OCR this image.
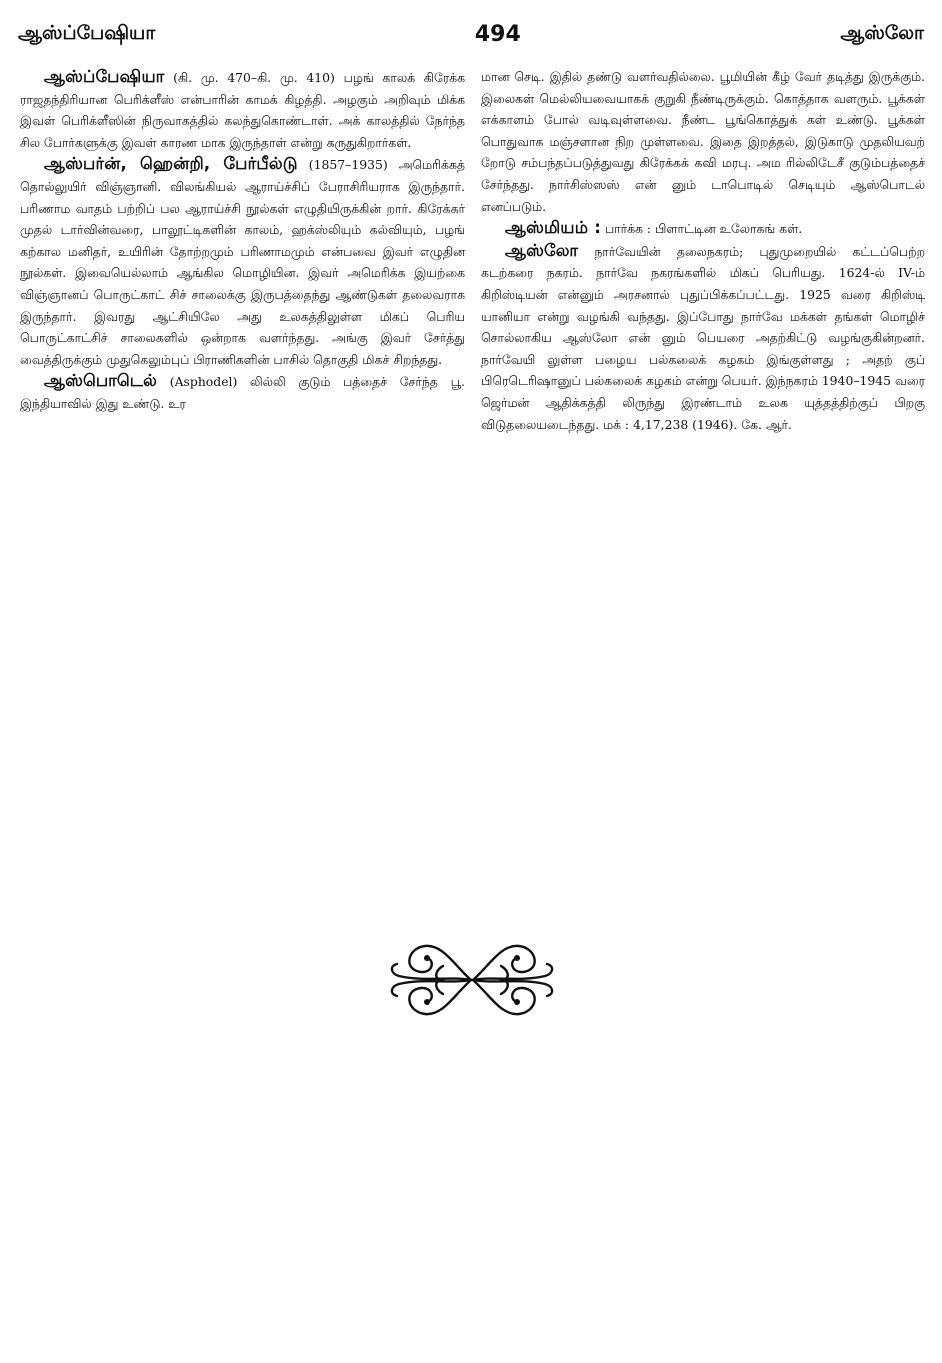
ஆஸ்ப்பேஷியா	494	ஆஸ்லோ

ஆஸ்ப்பேஷியா (கி. மு. 470–கி. மு. 410) பழங் காலக் கிரேக்க ராஜதந்திரியான பெரிக்ளீஸ் என்பாரின் காமக் கிழத்தி. அழகும் அறிவும் மிக்க இவள் பெரிக்ளீஸின் நிருவாகத்தில் கலந்துகொண்டாள். அக் காலத்தில் நேர்ந்த சில போர்களுக்கு இவள் காரண மாக இருந்தாள் என்று கருதுகிறார்கள்.

ஆஸ்பர்ன், ஹென்றி, பேர்பீல்டு (1857–1935) அமெரிக்கத் தொல்லுயிர் விஞ்ஞானி. விலங்கியல் ஆராய்ச்சிப் பேராசிரியராக இருந்தார். பரிணாம வாதம் பற்றிப் பல ஆராய்ச்சி நூல்கள் எழுதியிருக்கின் றார். கிரேக்கர் முதல் டார்வின்வரை, பாலூட்டிகளின் காலம், ஹக்ஸ்லியும் கல்வியும், பழங் கற்கால மனிதர், உயிரின் தோற்றமும் பரிணாமமும் என்பவை இவர் எழுதின நூல்கள். இவையெல்லாம் ஆங்கில மொழியின. இவர் அமெரிக்க இயற்கை விஞ்ஞானப் பொருட்காட் சிச் சாலைக்கு இருபத்தைந்து ஆண்டுகள் தலைவராக இருந்தார். இவரது ஆட்சியிலே அது உலகத்திலுள்ள மிகப் பெரிய பொருட்காட்சிச் சாலைகளில் ஒன்றாக வளர்ந்தது. அங்கு இவர் சேர்த்து வைத்திருக்கும் முதுகெலும்புப் பிராணிகளின் பாசில் தொகுதி மிகச் சிறந்தது.

ஆஸ்பொடெல் (Asphodel) லில்லி குடும் பத்தைச் சேர்ந்த பூ. இந்தியாவில் இது உண்டு. உர

மான செடி. இதில் தண்டு வளர்வதில்லை. பூமியின் கீழ் வேர் தடித்து இருக்கும். இலைகள் மெல்லியவையாகக் குறுகி நீண்டிருக்கும். கொத்தாக வளரும். பூக்கள் எக்காளம் போல் வடிவுள்ளவை. நீண்ட பூங்கொத்துக் கள் உண்டு. பூக்கள் பொதுவாக மஞ்சளான நிற முள்ளவை. இதை இறத்தல், இடுகாடு முதலியவற் றோடு சம்பந்தப்படுத்துவது கிரேக்கக் கவி மரபு. அம ரில்லிடேசீ குடும்பத்தைச் சேர்ந்தது. நார்சிஸ்ஸஸ் என் னும் டாபொடில் செடியும் ஆஸ்பொடல் எனப்படும்.

ஆஸ்மியம் : பார்க்க : பிளாட்டின உலோகங் கள்.

ஆஸ்லோ நார்வேயின் தலைநகரம்; புதுமுறையில் கட்டப்பெற்ற கடற்கரை நகரம். நார்வே நகரங்களில் மிகப் பெரியது. 1624-ல் IV-ம் கிறிஸ்டியன் என்னும் அரசனால் புதுப்பிக்கப்பட்டது. 1925 வரை கிறிஸ்டி யானியா என்று வழங்கி வந்தது. இப்போது நார்வே மக்கள் தங்கள் மொழிச் சொல்லாகிய ஆஸ்லோ என் னும் பெயரை அதற்கிட்டு வழங்குகின்றனர். நார்வேயி லுள்ள பழைய பல்கலைக் கழகம் இங்குள்ளது ; அதற் குப் பிரெடெரிஷானுப் பல்கலைக் கழகம் என்று பெயர். இந்நகரம் 1940–1945 வரை ஜெர்மன் ஆதிக்கத்தி லிருந்து இரண்டாம் உலக யுத்தத்திற்குப் பிறகு விடுதலையடைந்தது. மக் : 4,17,238 (1946). கே. ஆர்.
